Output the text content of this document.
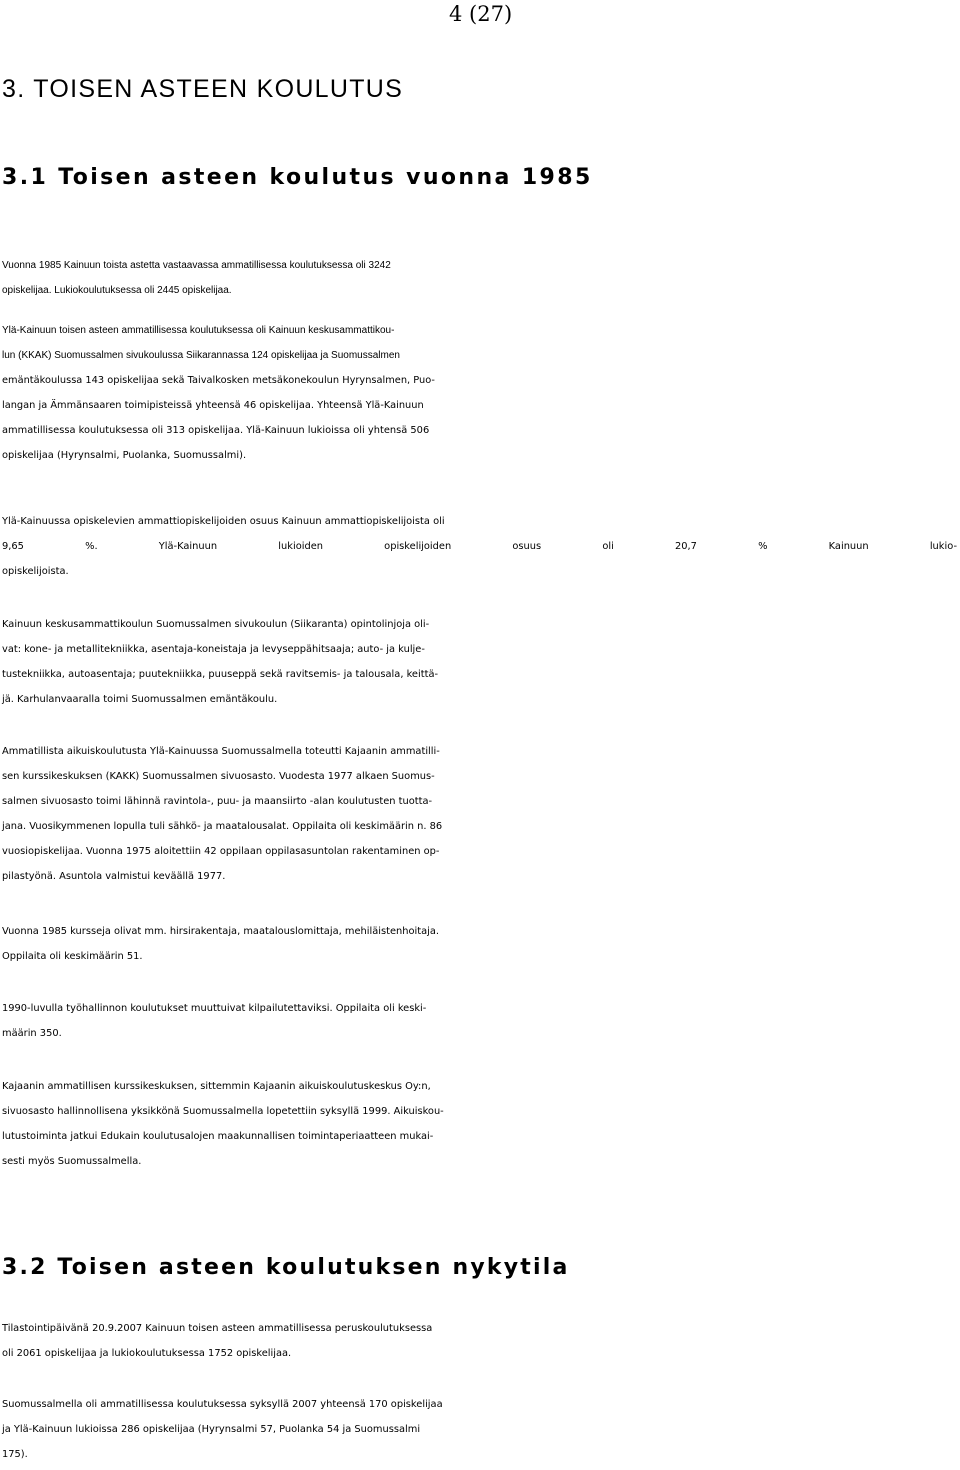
4 (27)
3. TOISEN ASTEEN KOULUTUS
3.1 Toisen asteen koulutus vuonna 1985
Vuonna 1985 Kainuun toista astetta vastaavassa ammatillisessa koulutuksessa oli 3242
opiskelijaa. Lukiokoulutuksessa oli 2445 opiskelijaa.
Ylä-Kainuun toisen asteen ammatillisessa koulutuksessa oli Kainuun keskusammattikou-
lun (KKAK) Suomussalmen sivukoulussa Siikarannassa 124 opiskelijaa ja Suomussalmen
emäntäkoulussa 143 opiskelijaa sekä Taivalkosken metsäkonekoulun Hyrynsalmen, Puo-
langan ja Ämmänsaaren toimipisteissä yhteensä 46 opiskelijaa. Yhteensä Ylä-Kainuun
ammatillisessa koulutuksessa oli 313 opiskelijaa. Ylä-Kainuun lukioissa oli yhtensä 506
opiskelijaa (Hyrynsalmi, Puolanka, Suomussalmi).
Ylä-Kainuussa opiskelevien ammattiopiskelijoiden osuus Kainuun ammattiopiskelijoista oli
9,65 %. Ylä-Kainuun lukioiden opiskelijoiden osuus oli 20,7 % Kainuun lukio-
opiskelijoista.
Kainuun keskusammattikoulun Suomussalmen sivukoulun (Siikaranta) opintolinjoja oli-
vat: kone- ja metallitekniikka, asentaja-koneistaja ja levyseppähitsaaja; auto- ja kulje-
tustekniikka, autoasentaja; puutekniikka, puuseppä sekä ravitsemis- ja talousala, keittä-
jä. Karhulanvaaralla toimi Suomussalmen emäntäkoulu.
Ammatillista aikuiskoulutusta Ylä-Kainuussa Suomussalmella toteutti Kajaanin ammatilli-
sen kurssikeskuksen (KAKK) Suomussalmen sivuosasto. Vuodesta 1977 alkaen Suomus-
salmen sivuosasto toimi lähinnä ravintola-, puu- ja maansiirto -alan koulutusten tuotta-
jana. Vuosikymmenen lopulla tuli sähkö- ja maatalousalat. Oppilaita oli keskimäärin n. 86
vuosiopiskelijaa. Vuonna 1975 aloitettiin 42 oppilaan oppilasasuntolan rakentaminen op-
pilastyönä. Asuntola valmistui keväällä 1977.
Vuonna 1985 kursseja olivat mm. hirsirakentaja, maatalouslomittaja, mehiläistenhoitaja.
Oppilaita oli keskimäärin 51.
1990-luvulla työhallinnon koulutukset muuttuivat kilpailutettaviksi. Oppilaita oli keski-
määrin 350.
Kajaanin ammatillisen kurssikeskuksen, sittemmin Kajaanin aikuiskoulutuskeskus Oy:n,
sivuosasto hallinnollisena yksikkönä Suomussalmella lopetettiin syksyllä 1999. Aikuiskou-
lutustoiminta jatkui Edukain koulutusalojen maakunnallisen toimintaperiaatteen mukai-
sesti myös Suomussalmella.
3.2 Toisen asteen koulutuksen nykytila
Tilastointipäivänä 20.9.2007 Kainuun toisen asteen ammatillisessa peruskoulutuksessa
oli 2061 opiskelijaa ja lukiokoulutuksessa 1752 opiskelijaa.
Suomussalmella oli ammatillisessa koulutuksessa syksyllä 2007 yhteensä 170 opiskelijaa
ja Ylä-Kainuun lukioissa 286 opiskelijaa (Hyrynsalmi 57, Puolanka 54 ja Suomussalmi
175).
